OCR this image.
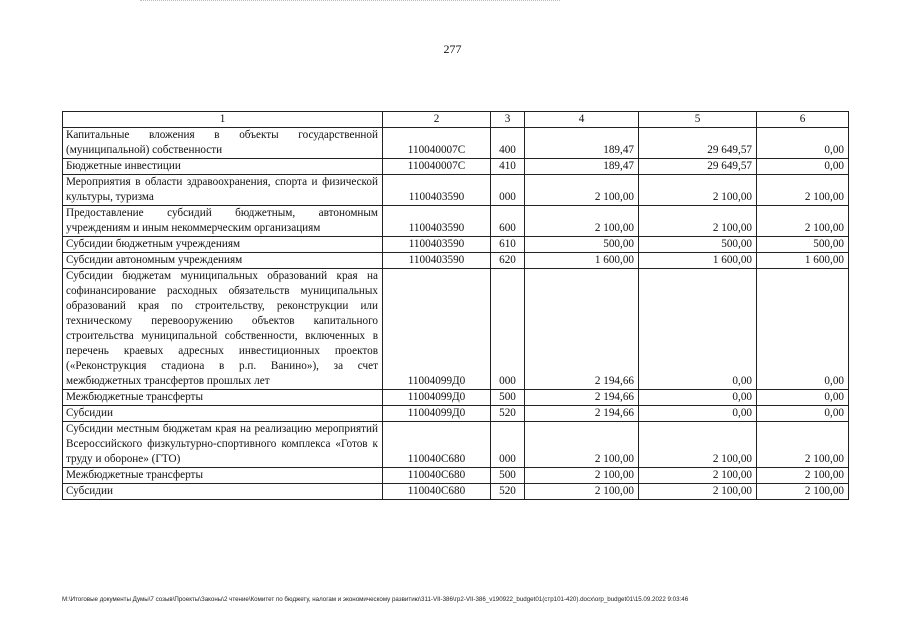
277
1	2	3	4	5	6
Капитальные вложения в объекты государственной (муниципальной) собственности	110040007С	400	189,47	29 649,57	0,00
Бюджетные инвестиции	110040007С	410	189,47	29 649,57	0,00
Мероприятия в области здравоохранения, спорта и физической культуры, туризма	1100403590	000	2 100,00	2 100,00	2 100,00
Предоставление субсидий бюджетным, автономным учреждениям и иным некоммерческим организациям	1100403590	600	2 100,00	2 100,00	2 100,00
Субсидии бюджетным учреждениям	1100403590	610	500,00	500,00	500,00
Субсидии автономным учреждениям	1100403590	620	1 600,00	1 600,00	1 600,00
Субсидии бюджетам муниципальных образований края на софинансирование расходных обязательств муниципальных образований края по строительству, реконструкции или техническому перевооружению объектов капитального строительства муниципальной собственности, включенных в перечень краевых адресных инвестиционных проектов («Реконструкция стадиона в р.п. Ванино»), за счет межбюджетных трансфертов прошлых лет	11004099Д0	000	2 194,66	0,00	0,00
Межбюджетные трансферты	11004099Д0	500	2 194,66	0,00	0,00
Субсидии	11004099Д0	520	2 194,66	0,00	0,00
Субсидии местным бюджетам края на реализацию мероприятий Всероссийского физкультурно-спортивного комплекса «Готов к труду и обороне» (ГТО)	110040С680	000	2 100,00	2 100,00	2 100,00
Межбюджетные трансферты	110040С680	500	2 100,00	2 100,00	2 100,00
Субсидии	110040С680	520	2 100,00	2 100,00	2 100,00
M:\Итоговые документы Думы\7 созыв\Проекты\Законы\2 чтение\Комитет по бюджету, налогам и экономическому развитию\311-VII-386\гр2-VII-386_v190922_budget01(стр101-420).docx\orp_budget01\15.09.2022 9:03:46
